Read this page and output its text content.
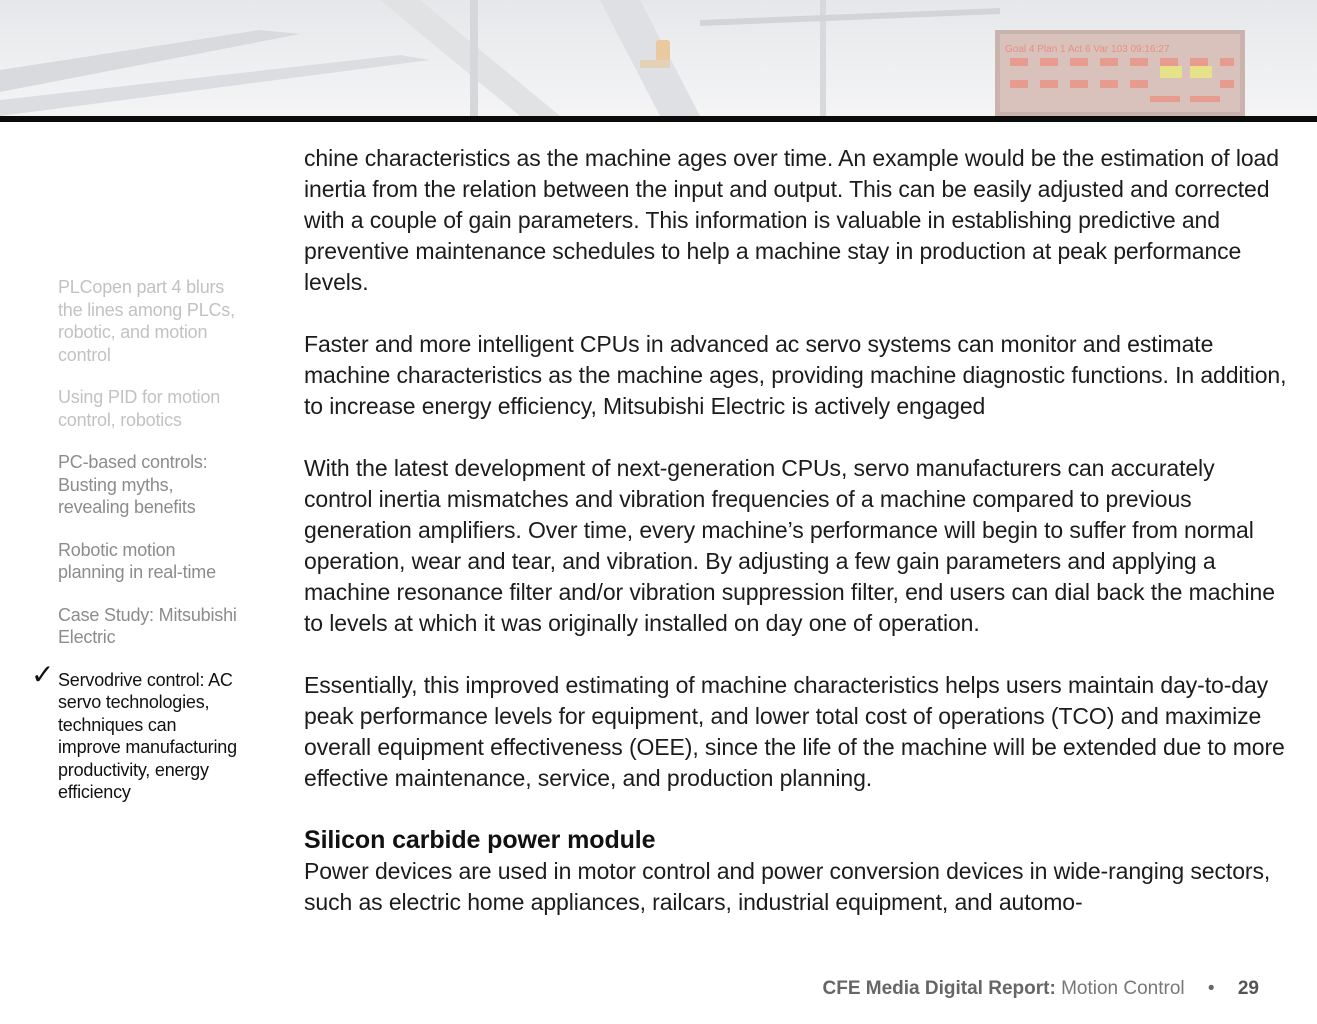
Goal 4 Plan 1 Act 6 Var 103 09:16:27
PLCopen part 4 blurs the lines among PLCs, robotic, and motion control
Using PID for motion control, robotics
PC-based controls: Busting myths, revealing benefits
Robotic motion planning in real-time
Case Study: Mitsubishi Electric
✓ Servodrive control: AC servo technologies, techniques can improve manufacturing productivity, energy efficiency

chine characteristics as the machine ages over time. An example would be the estimation of load inertia from the relation between the input and output. This can be easily adjusted and corrected with a couple of gain parameters. This information is valuable in establishing predictive and preventive maintenance schedules to help a machine stay in production at peak performance levels.

Faster and more intelligent CPUs in advanced ac servo systems can monitor and estimate machine characteristics as the machine ages, providing machine diagnostic functions. In addition, to increase energy efficiency, Mitsubishi Electric is actively engaged

With the latest development of next-generation CPUs, servo manufacturers can accurately control inertia mismatches and vibration frequencies of a machine compared to previous generation amplifiers. Over time, every machine’s performance will begin to suffer from normal operation, wear and tear, and vibration. By adjusting a few gain parameters and applying a machine resonance filter and/or vibration suppression filter, end users can dial back the machine to levels at which it was originally installed on day one of operation.

Essentially, this improved estimating of machine characteristics helps users maintain day-to-day peak performance levels for equipment, and lower total cost of operations (TCO) and maximize overall equipment effectiveness (OEE), since the life of the machine will be extended due to more effective maintenance, service, and production planning.

Silicon carbide power module

Power devices are used in motor control and power conversion devices in wide-ranging sectors, such as electric home appliances, railcars, industrial equipment, and automo-

CFE Media Digital Report: Motion Control • 29
